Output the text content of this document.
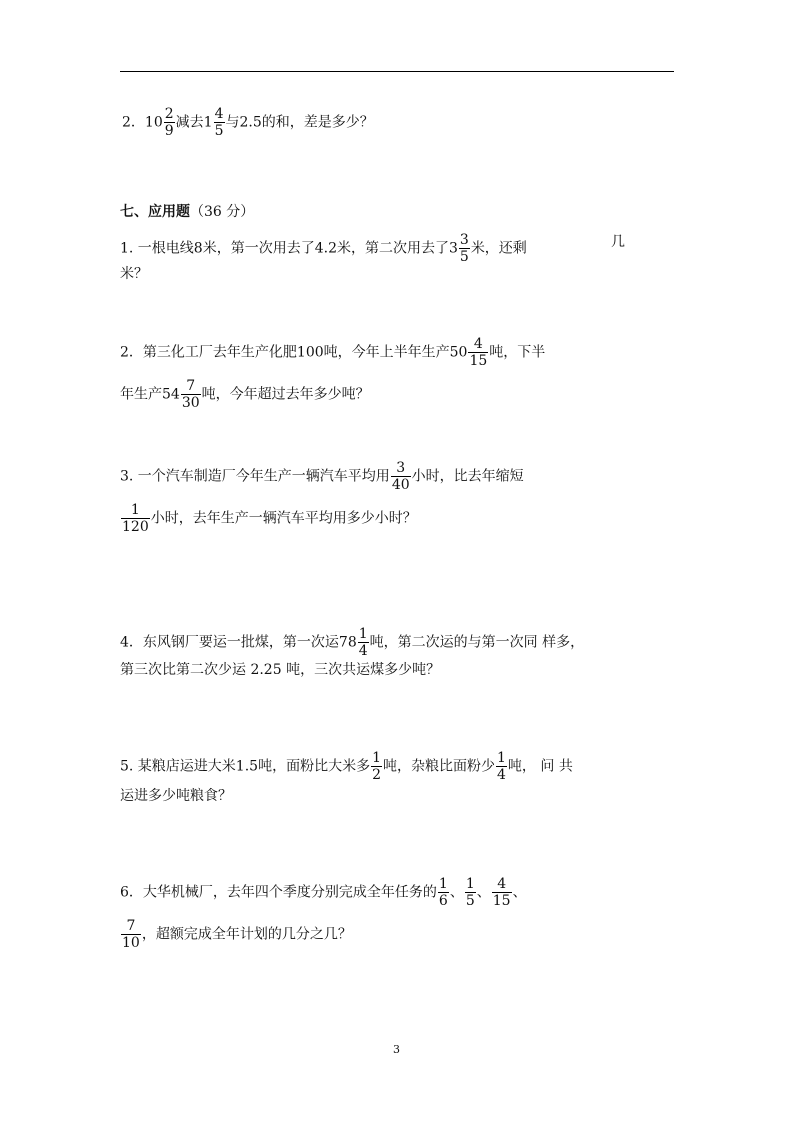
2．$10 \frac{2}{9}$ 减去$1 \frac{4}{5}$ 与2.5的和，差是多少？
七、应用题（36 分）
1. 一根电线8米，第一次用去了4.2米，第二次用去了$3 \frac{3}{5}$ 米，还剩	几
米？
2．第三化工厂去年生产化肥100吨，今年上半年生产$50 \frac{4}{15}$ 吨，下半
年生产$54 \frac{7}{30}$ 吨，今年超过去年多少吨？
3. 一个汽车制造厂今年生产一辆汽车平均用 $\frac{3}{40}$ 小时，比去年缩短
$\frac{1}{120}$ 小时，去年生产一辆汽车平均用多少小时？
4．东风钢厂要运一批煤，第一次运$78 \frac{1}{4}$ 吨，第二次运的与第一次同 样多，
第三次比第二次少运 2.25 吨，三次共运煤多少吨？
5. 某粮店运进大米1.5吨，面粉比大米多 $\frac{1}{2}$ 吨，杂粮比面粉少 $\frac{1}{4}$ 吨， 问 共
运进多少吨粮食？
6．大华机械厂，去年四个季度分别完成全年任务的 $\frac{1}{6}$ 、 $\frac{1}{5}$ 、 $\frac{4}{15}$ 、
$\frac{7}{10}$ ，超额完成全年计划的几分之几？
3
